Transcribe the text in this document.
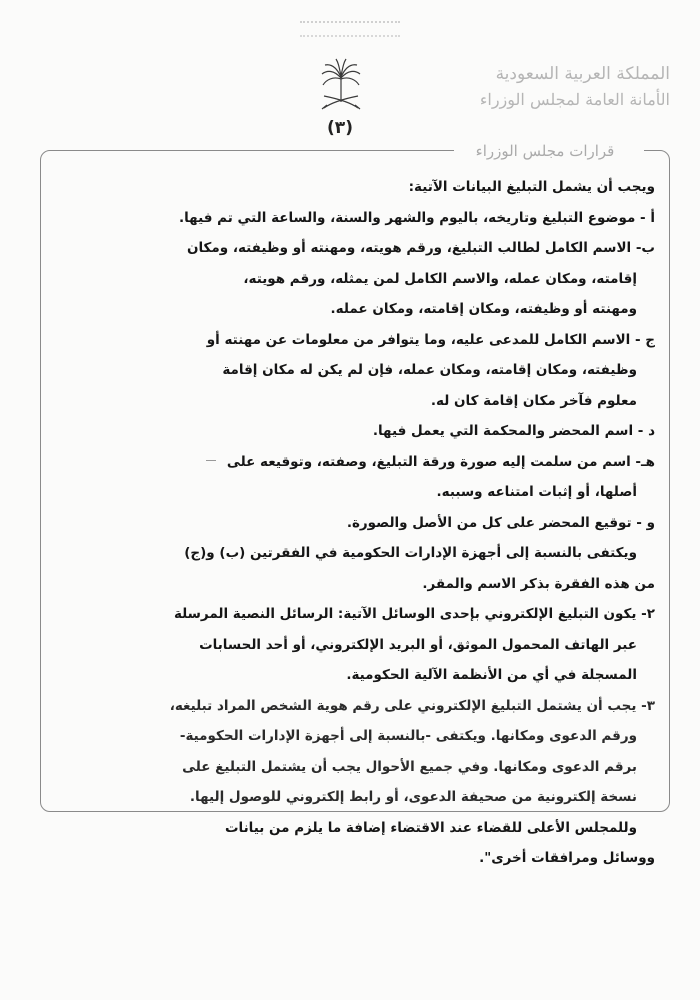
(٣)
المملكة العربية السعودية
الأمانة العامة لمجلس الوزراء
قرارات مجلس الوزراء
ويجب أن يشمل التبليغ البيانات الآتية:
أ - موضوع التبليغ وتاريخه، باليوم والشهر والسنة، والساعة التي تم فيها.
ب- الاسم الكامل لطالب التبليغ، ورقم هويته، ومهنته أو وظيفته، ومكان
إقامته، ومكان عمله، والاسم الكامل لمن يمثله، ورقم هويته،
ومهنته أو وظيفته، ومكان إقامته، ومكان عمله.
ج - الاسم الكامل للمدعى عليه، وما يتوافر من معلومات عن مهنته أو
وظيفته، ومكان إقامته، ومكان عمله، فإن لم يكن له مكان إقامة
معلوم فآخر مكان إقامة كان له.
د - اسم المحضر والمحكمة التي يعمل فيها.
هـ- اسم من سلمت إليه صورة ورقة التبليغ، وصفته، وتوقيعه على
أصلها، أو إثبات امتناعه وسببه.
و - توقيع المحضر على كل من الأصل والصورة.
ويكتفى بالنسبة إلى أجهزة الإدارات الحكومية في الفقرتين (ب) و(ج)
من هذه الفقرة بذكر الاسم والمقر.
٢- يكون التبليغ الإلكتروني بإحدى الوسائل الآتية: الرسائل النصية المرسلة
عبر الهاتف المحمول الموثق، أو البريد الإلكتروني، أو أحد الحسابات
المسجلة في أي من الأنظمة الآلية الحكومية.
٣- يجب أن يشتمل التبليغ الإلكتروني على رقم هوية الشخص المراد تبليغه،
ورقم الدعوى ومكانها. ويكتفى -بالنسبة إلى أجهزة الإدارات الحكومية-
برقم الدعوى ومكانها. وفي جميع الأحوال يجب أن يشتمل التبليغ على
نسخة إلكترونية من صحيفة الدعوى، أو رابط إلكتروني للوصول إليها.
وللمجلس الأعلى للقضاء عند الاقتضاء إضافة ما يلزم من بيانات
ووسائل ومرافقات أخرى".
